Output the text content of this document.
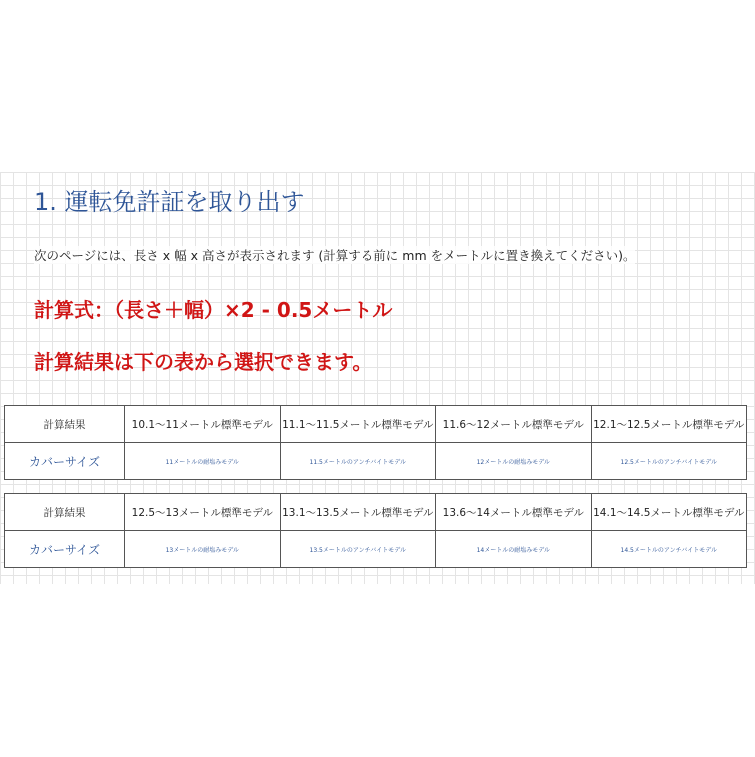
1. 運転免許証を取り出す

次のページには、長さ x 幅 x 高さが表示されます (計算する前に mm をメートルに置き換えてください)。

計算式：（長さ＋幅）×2 - 0.5メートル

計算結果は下の表から選択できます。

計算結果	10.1～11メートル標準モデル	11.1～11.5メートル標準モデル	11.6～12メートル標準モデル	12.1～12.5メートル標準モデル
カバーサイズ	11メートルの耐塩みモデル	11.5メートルのアンチバイトモデル	12メートルの耐塩みモデル	12.5メートルのアンチバイトモデル
計算結果	12.5～13メートル標準モデル	13.1～13.5メートル標準モデル	13.6～14メートル標準モデル	14.1～14.5メートル標準モデル
カバーサイズ	13メートルの耐塩みモデル	13.5メートルのアンチバイトモデル	14メートルの耐塩みモデル	14.5メートルのアンチバイトモデル
